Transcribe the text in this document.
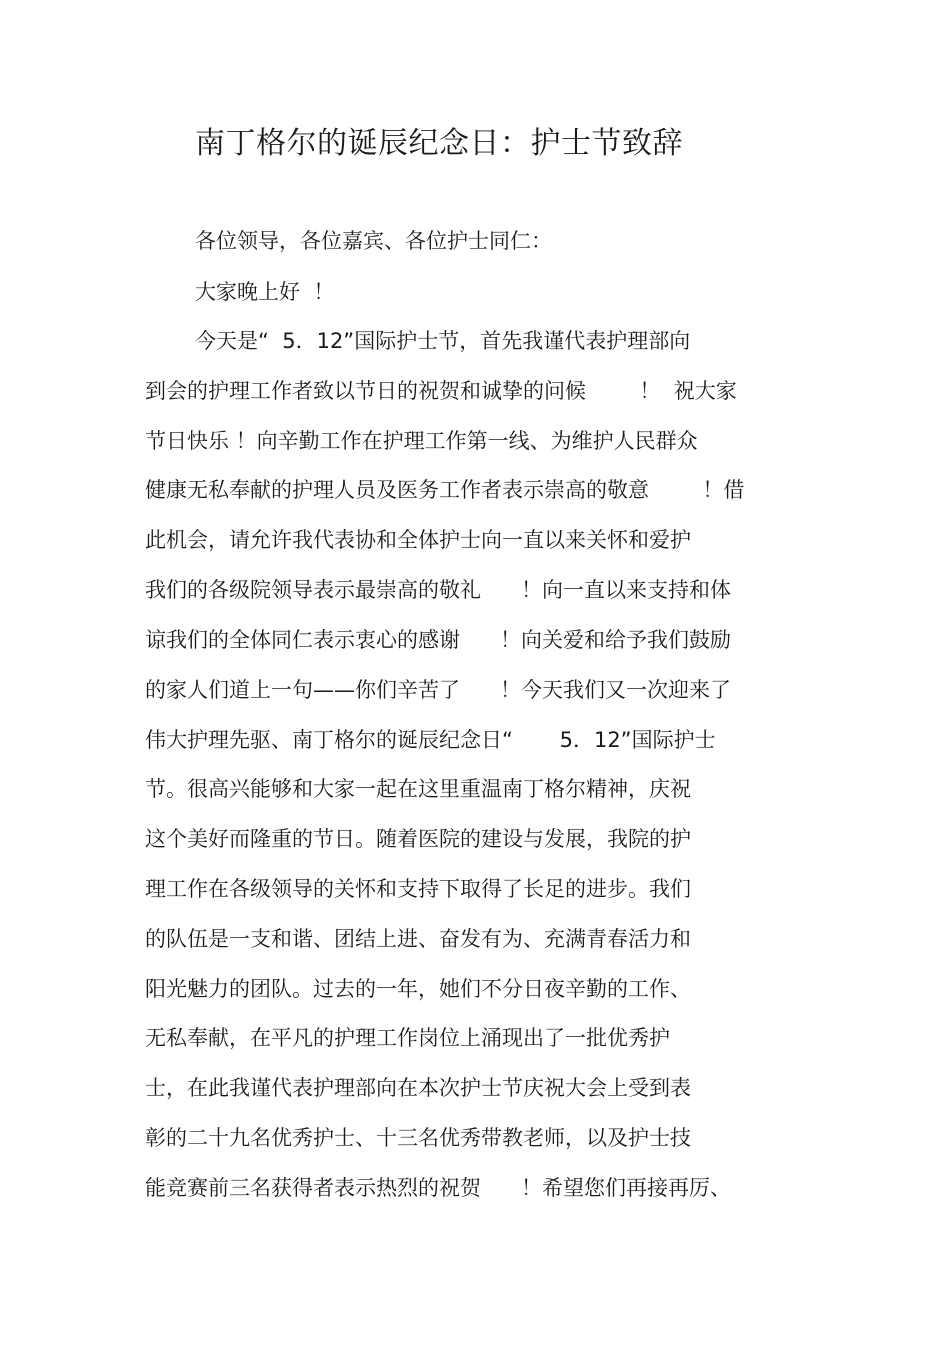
南丁格尔的诞辰纪念日：护士节致辞
各位领导，各位嘉宾、各位护士同仁：
大家晚上好  ！
今天是“  5．12”国际护士节，首先我谨代表护理部向
到会的护理工作者致以节日的祝贺和诚挚的问候        ！  祝大家
节日快乐 ！向辛勤工作在护理工作第一线、为维护人民群众
健康无私奉献的护理人员及医务工作者表示崇高的敬意        ！借
此机会，请允许我代表协和全体护士向一直以来关怀和爱护
我们的各级院领导表示最崇高的敬礼      ！向一直以来支持和体
谅我们的全体同仁表示衷心的感谢      ！向关爱和给予我们鼓励
的家人们道上一句——你们辛苦了      ！今天我们又一次迎来了
伟大护理先驱、南丁格尔的诞辰纪念日“       5．12”国际护士
节。很高兴能够和大家一起在这里重温南丁格尔精神，庆祝
这个美好而隆重的节日。随着医院的建设与发展，我院的护
理工作在各级领导的关怀和支持下取得了长足的进步。我们
的队伍是一支和谐、团结上进、奋发有为、充满青春活力和
阳光魅力的团队。过去的一年，她们不分日夜辛勤的工作、
无私奉献，在平凡的护理工作岗位上涌现出了一批优秀护
士，在此我谨代表护理部向在本次护士节庆祝大会上受到表
彰的二十九名优秀护士、十三名优秀带教老师，以及护士技
能竞赛前三名获得者表示热烈的祝贺      ！希望您们再接再厉、
